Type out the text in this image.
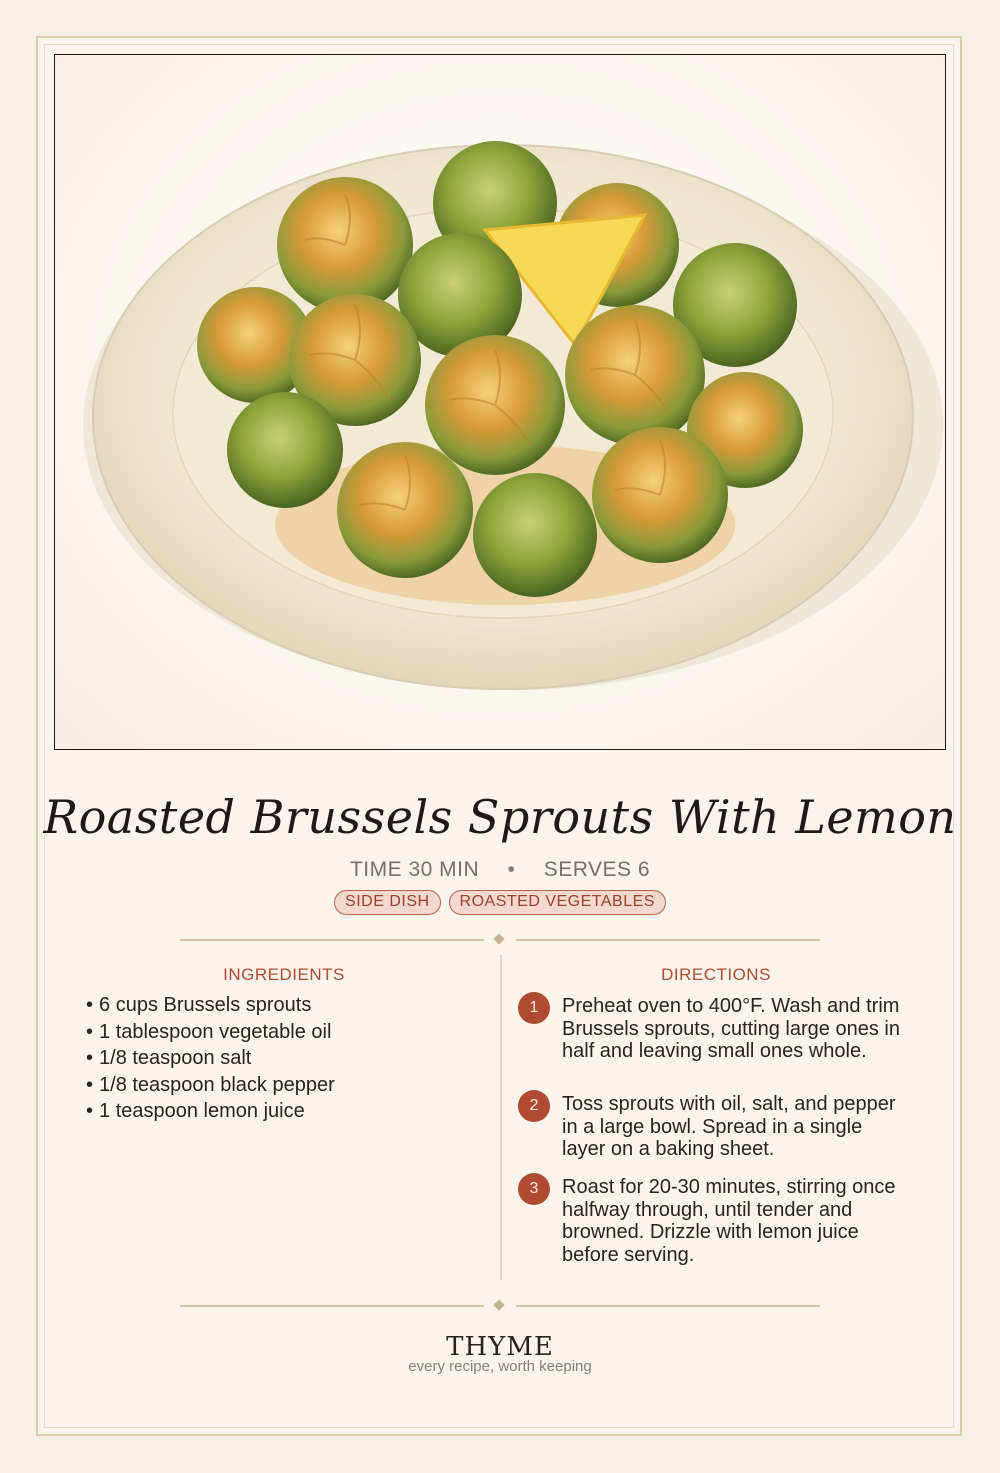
Roasted Brussels Sprouts With Lemon
TIME 30 MIN • SERVES 6
SIDE DISH ROASTED VEGETABLES
INGREDIENTS
• 6 cups Brussels sprouts
• 1 tablespoon vegetable oil
• 1/8 teaspoon salt
• 1/8 teaspoon black pepper
• 1 teaspoon lemon juice
DIRECTIONS
1	Preheat oven to 400°F. Wash and trim Brussels sprouts, cutting large ones in half and leaving small ones whole.
2	Toss sprouts with oil, salt, and pepper in a large bowl. Spread in a single layer on a baking sheet.
3	Roast for 20-30 minutes, stirring once halfway through, until tender and browned. Drizzle with lemon juice before serving.
THYME
every recipe, worth keeping
